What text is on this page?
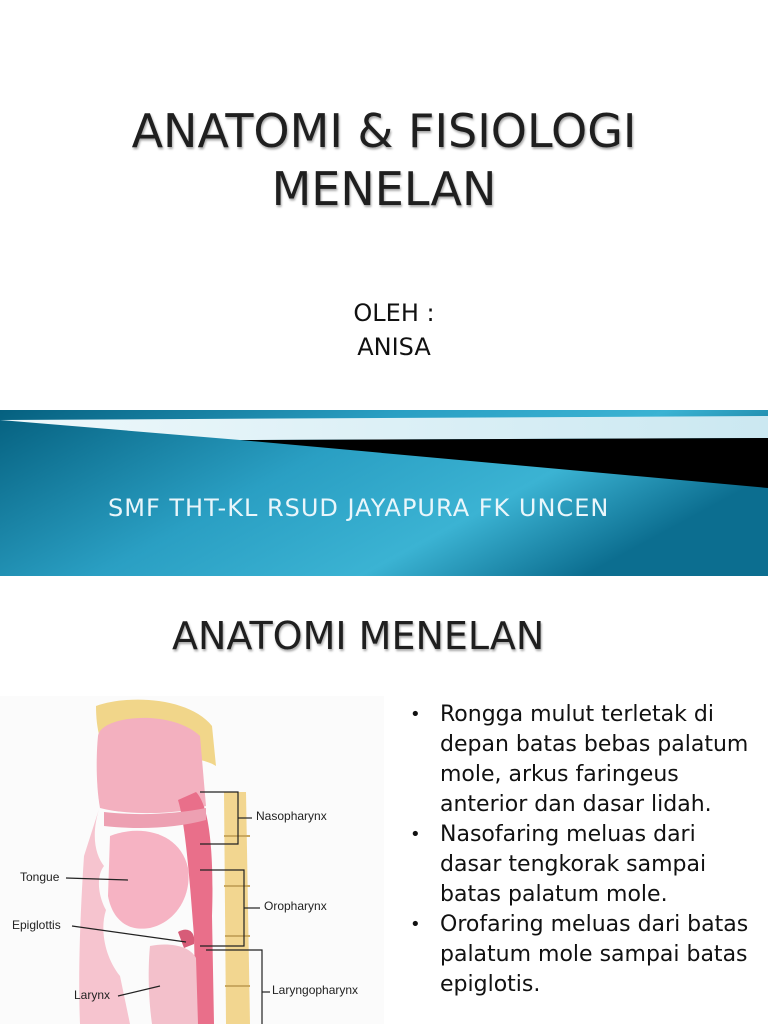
ANATOMI & FISIOLOGI
MENELAN
OLEH :
ANISA
SMF THT-KL RSUD JAYAPURA FK UNCEN
ANATOMI MENELAN
Nasopharynx
Tongue
Oropharynx
Epiglottis
Larynx	Laryngopharynx
• Rongga mulut terletak di depan batas bebas palatum mole, arkus faringeus anterior dan dasar lidah.
• Nasofaring meluas dari dasar tengkorak sampai batas palatum mole.
• Orofaring meluas dari batas palatum mole sampai batas epiglotis.
